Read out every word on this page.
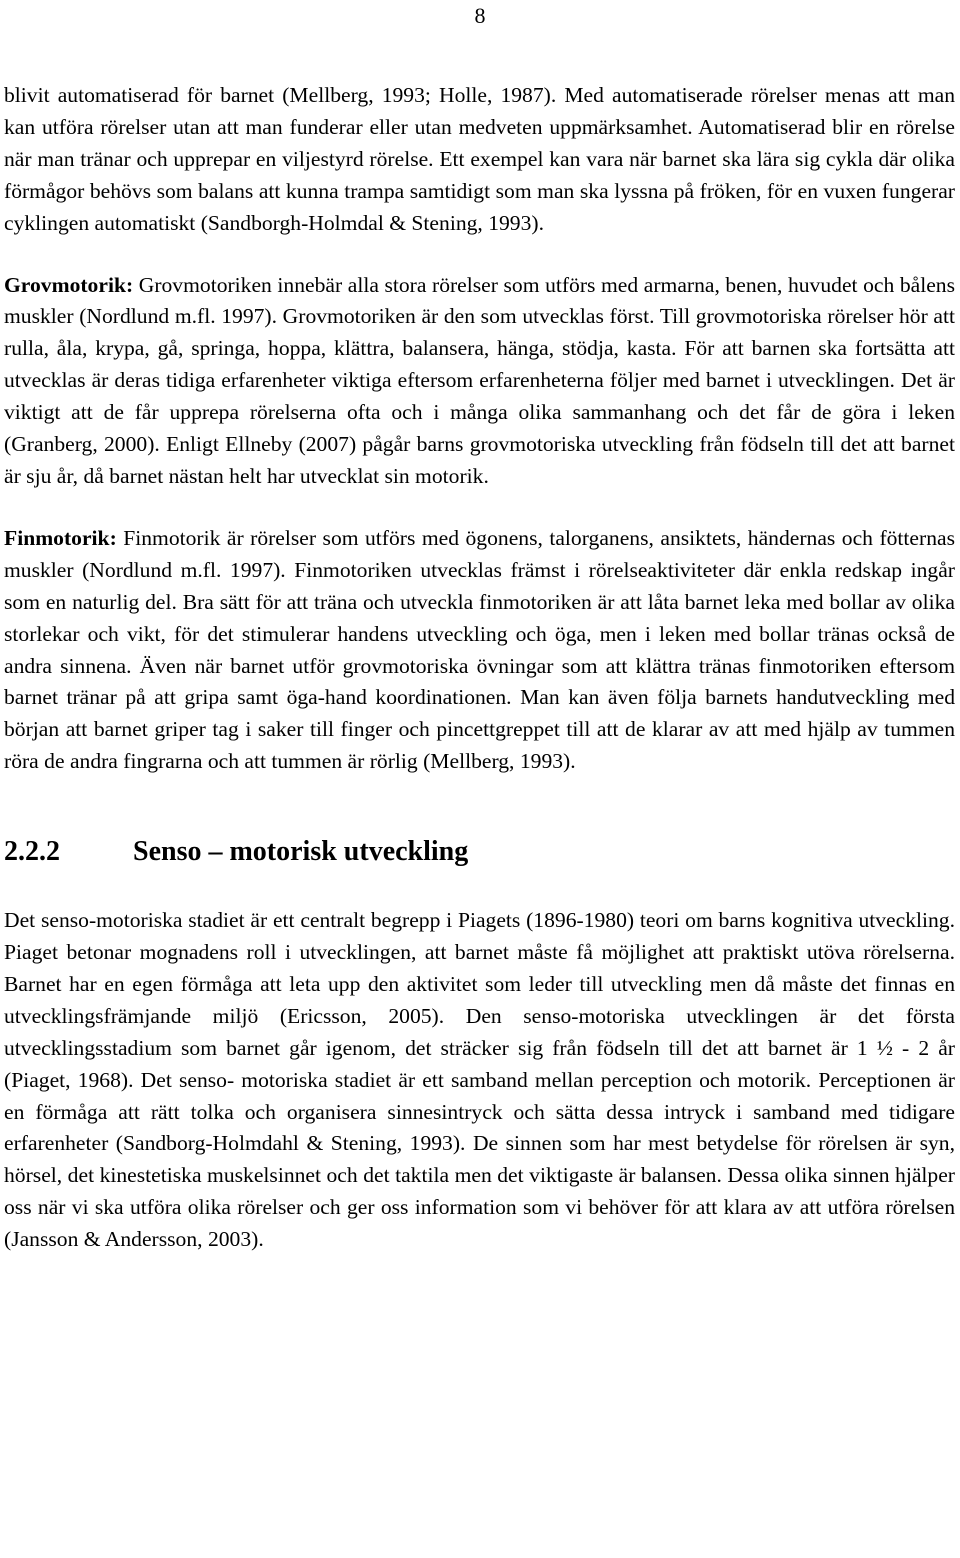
8

blivit automatiserad för barnet (Mellberg, 1993; Holle, 1987). Med automatiserade rörelser menas att man kan utföra rörelser utan att man funderar eller utan medveten uppmärksamhet. Automatiserad blir en rörelse när man tränar och upprepar en viljestyrd rörelse. Ett exempel kan vara när barnet ska lära sig cykla där olika förmågor behövs som balans att kunna trampa samtidigt som man ska lyssna på fröken, för en vuxen fungerar cyklingen automatiskt (Sandborgh-Holmdal & Stening, 1993).

Grovmotorik: Grovmotoriken innebär alla stora rörelser som utförs med armarna, benen, huvudet och bålens muskler (Nordlund m.fl. 1997). Grovmotoriken är den som utvecklas först. Till grovmotoriska rörelser hör att rulla, åla, krypa, gå, springa, hoppa, klättra, balansera, hänga, stödja, kasta. För att barnen ska fortsätta att utvecklas är deras tidiga erfarenheter viktiga eftersom erfarenheterna följer med barnet i utvecklingen. Det är viktigt att de får upprepa rörelserna ofta och i många olika sammanhang och det får de göra i leken (Granberg, 2000). Enligt Ellneby (2007) pågår barns grovmotoriska utveckling från födseln till det att barnet är sju år, då barnet nästan helt har utvecklat sin motorik.

Finmotorik: Finmotorik är rörelser som utförs med ögonens, talorganens, ansiktets, händernas och fötternas muskler (Nordlund m.fl. 1997). Finmotoriken utvecklas främst i rörelseaktiviteter där enkla redskap ingår som en naturlig del. Bra sätt för att träna och utveckla finmotoriken är att låta barnet leka med bollar av olika storlekar och vikt, för det stimulerar handens utveckling och öga, men i leken med bollar tränas också de andra sinnena. Även när barnet utför grovmotoriska övningar som att klättra tränas finmotoriken eftersom barnet tränar på att gripa samt öga-hand koordinationen. Man kan även följa barnets handutveckling med början att barnet griper tag i saker till finger och pincettgreppet till att de klarar av att med hjälp av tummen röra de andra fingrarna och att tummen är rörlig (Mellberg, 1993).

2.2.2	Senso – motorisk utveckling

Det senso-motoriska stadiet är ett centralt begrepp i Piagets (1896-1980) teori om barns kognitiva utveckling. Piaget betonar mognadens roll i utvecklingen, att barnet måste få möjlighet att praktiskt utöva rörelserna. Barnet har en egen förmåga att leta upp den aktivitet som leder till utveckling men då måste det finnas en utvecklingsfrämjande miljö (Ericsson, 2005). Den senso-motoriska utvecklingen är det första utvecklingsstadium som barnet går igenom, det sträcker sig från födseln till det att barnet är 1 ½ - 2 år (Piaget, 1968). Det senso- motoriska stadiet är ett samband mellan perception och motorik. Perceptionen är en förmåga att rätt tolka och organisera sinnesintryck och sätta dessa intryck i samband med tidigare erfarenheter (Sandborg-Holmdahl & Stening, 1993). De sinnen som har mest betydelse för rörelsen är syn, hörsel, det kinestetiska muskelsinnet och det taktila men det viktigaste är balansen. Dessa olika sinnen hjälper oss när vi ska utföra olika rörelser och ger oss information som vi behöver för att klara av att utföra rörelsen (Jansson & Andersson, 2003).
